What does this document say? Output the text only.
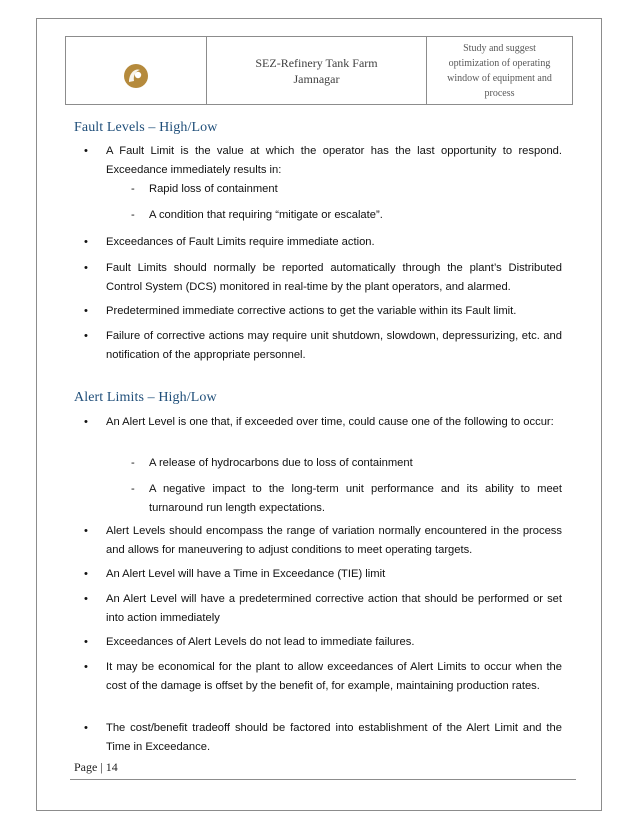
SEZ-Refinery Tank Farm
Jamnagar
Study and suggest
optimization of operating
window of equipment and
process
Fault Levels – High/Low
• A Fault Limit is the value at which the operator has the last opportunity to respond. Exceedance immediately results in:
- Rapid loss of containment
- A condition that requiring “mitigate or escalate”.
• Exceedances of Fault Limits require immediate action.
• Fault Limits should normally be reported automatically through the plant’s Distributed Control System (DCS) monitored in real-time by the plant operators, and alarmed.
• Predetermined immediate corrective actions to get the variable within its Fault limit.
• Failure of corrective actions may require unit shutdown, slowdown, depressurizing, etc. and notification of the appropriate personnel.
Alert Limits – High/Low
• An Alert Level is one that, if exceeded over time, could cause one of the following to occur:
- A release of hydrocarbons due to loss of containment
- A negative impact to the long-term unit performance and its ability to meet turnaround run length expectations.
• Alert Levels should encompass the range of variation normally encountered in the process and allows for maneuvering to adjust conditions to meet operating targets.
• An Alert Level will have a Time in Exceedance (TIE) limit
• An Alert Level will have a predetermined corrective action that should be performed or set into action immediately
• Exceedances of Alert Levels do not lead to immediate failures.
• It may be economical for the plant to allow exceedances of Alert Limits to occur when the cost of the damage is offset by the benefit of, for example, maintaining production rates.
• The cost/benefit tradeoff should be factored into establishment of the Alert Limit and the Time in Exceedance.
Page | 14
